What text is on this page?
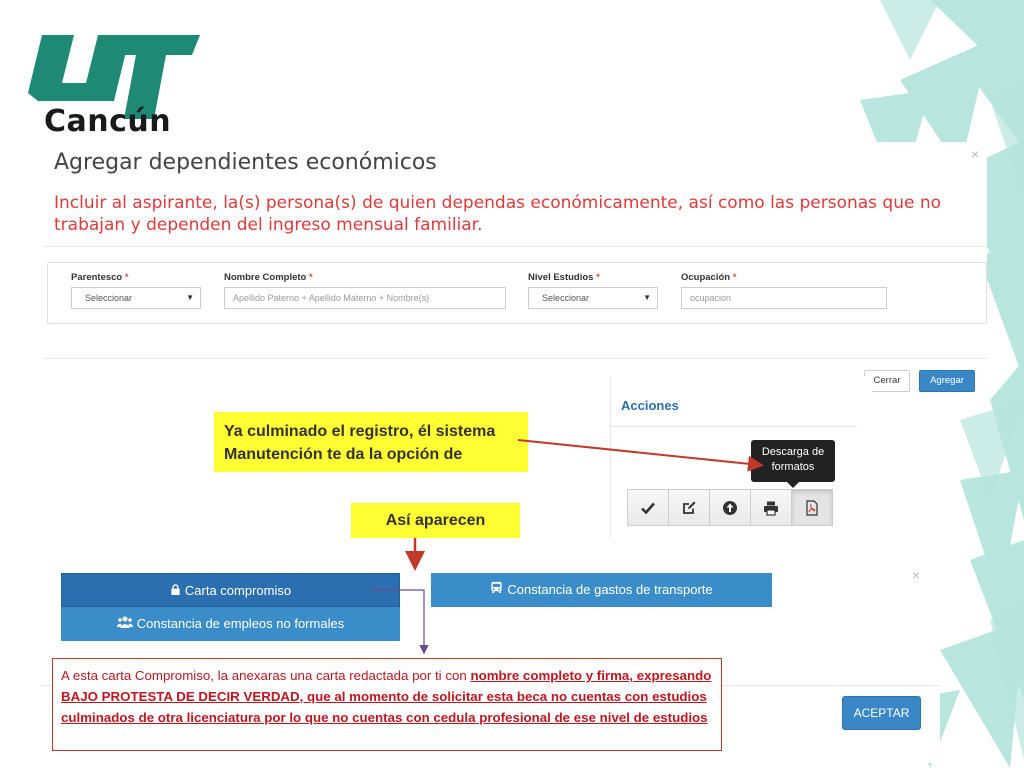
Cancún
×
Agregar dependientes económicos
Incluir al aspirante, la(s) persona(s) de quien dependas económicamente, así como las personas que no trabajan y dependen del ingreso mensual familiar.
Parentesco *
Seleccionar	▼
Nombre Completo *
Apellido Paterno + Apellido Materno + Nombre(s)
Nivel Estudios *
Seleccionar	▼
Ocupación *
ocupacion
Cerrar	Agregar
Acciones
Descarga de formatos
Ya culminado el registro, él sistema Manutención te da la opción de
Así aparecen
×
Carta compromiso	Constancia de gastos de transporte
Constancia de empleos no formales
ACEPTAR
A esta carta Compromiso, la anexaras una carta redactada por ti con nombre completo y firma, expresando BAJO PROTESTA DE DECIR VERDAD, que al momento de solicitar esta beca no cuentas con estudios culminados de otra licenciatura por lo que no cuentas con cedula profesional de ese nivel de estudios
